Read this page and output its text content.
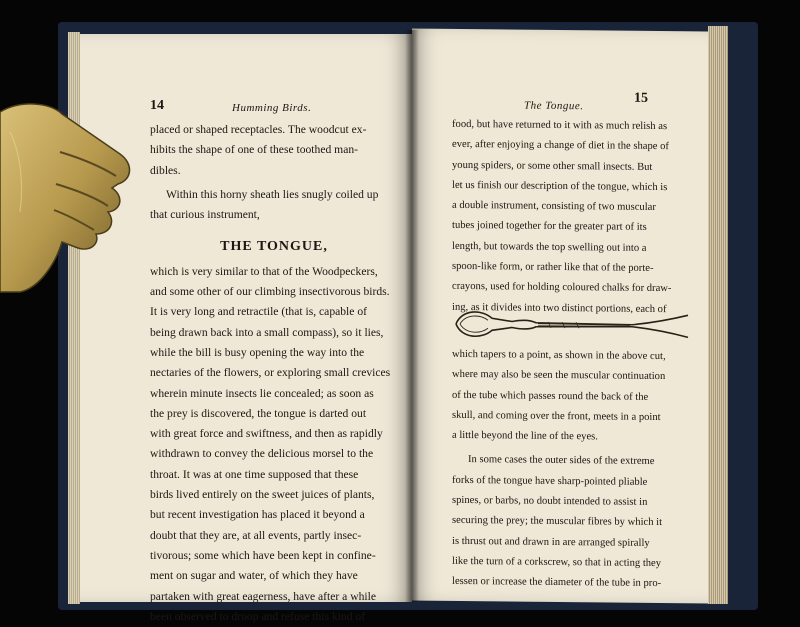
14	Humming Birds.
placed or shaped receptacles. The woodcut ex-
hibits the shape of one of these toothed man-
dibles.
Within this horny sheath lies snugly coiled up
that curious instrument,
THE TONGUE,
which is very similar to that of the Woodpeckers,
and some other of our climbing insectivorous birds.
It is very long and retractile (that is, capable of
being drawn back into a small compass), so it lies,
while the bill is busy opening the way into the
nectaries of the flowers, or exploring small crevices
wherein minute insects lie concealed; as soon as
the prey is discovered, the tongue is darted out
with great force and swiftness, and then as rapidly
withdrawn to convey the delicious morsel to the
throat. It was at one time supposed that these
birds lived entirely on the sweet juices of plants,
but recent investigation has placed it beyond a
doubt that they are, at all events, partly insec-
tivorous; some which have been kept in confine-
ment on sugar and water, of which they have
partaken with great eagerness, have after a while
been observed to droop and refuse this kind of
The Tongue.
15
food, but have returned to it with as much relish as
ever, after enjoying a change of diet in the shape of
young spiders, or some other small insects. But
let us finish our description of the tongue, which is
a double instrument, consisting of two muscular
tubes joined together for the greater part of its
length, but towards the top swelling out into a
spoon-like form, or rather like that of the porte-
crayons, used for holding coloured chalks for draw-
ing, as it divides into two distinct portions, each of
which tapers to a point, as shown in the above cut,
where may also be seen the muscular continuation
of the tube which passes round the back of the
skull, and coming over the front, meets in a point
a little beyond the line of the eyes.
In some cases the outer sides of the extreme
forks of the tongue have sharp-pointed pliable
spines, or barbs, no doubt intended to assist in
securing the prey; the muscular fibres by which it
is thrust out and drawn in are arranged spirally
like the turn of a corkscrew, so that in acting they
lessen or increase the diameter of the tube in pro-
